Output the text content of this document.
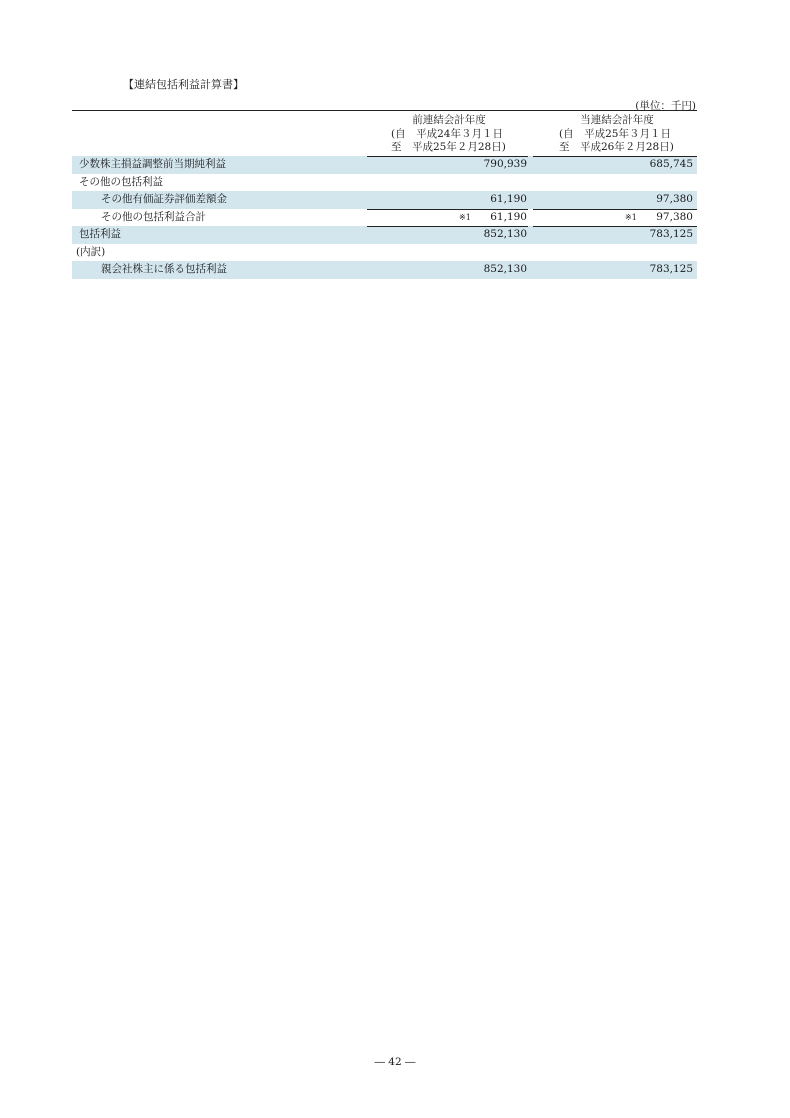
【連結包括利益計算書】
(単位：千円)
前連結会計年度
(自　平成24年３月１日
至　平成25年２月28日)
当連結会計年度
(自　平成25年３月１日
至　平成26年２月28日)
少数株主損益調整前当期純利益	790,939	685,745
その他の包括利益
その他有価証券評価差額金	61,190	97,380
その他の包括利益合計	※1 61,190	※1 97,380
包括利益	852,130	783,125
(内訳)
親会社株主に係る包括利益	852,130	783,125
― 42 ―
